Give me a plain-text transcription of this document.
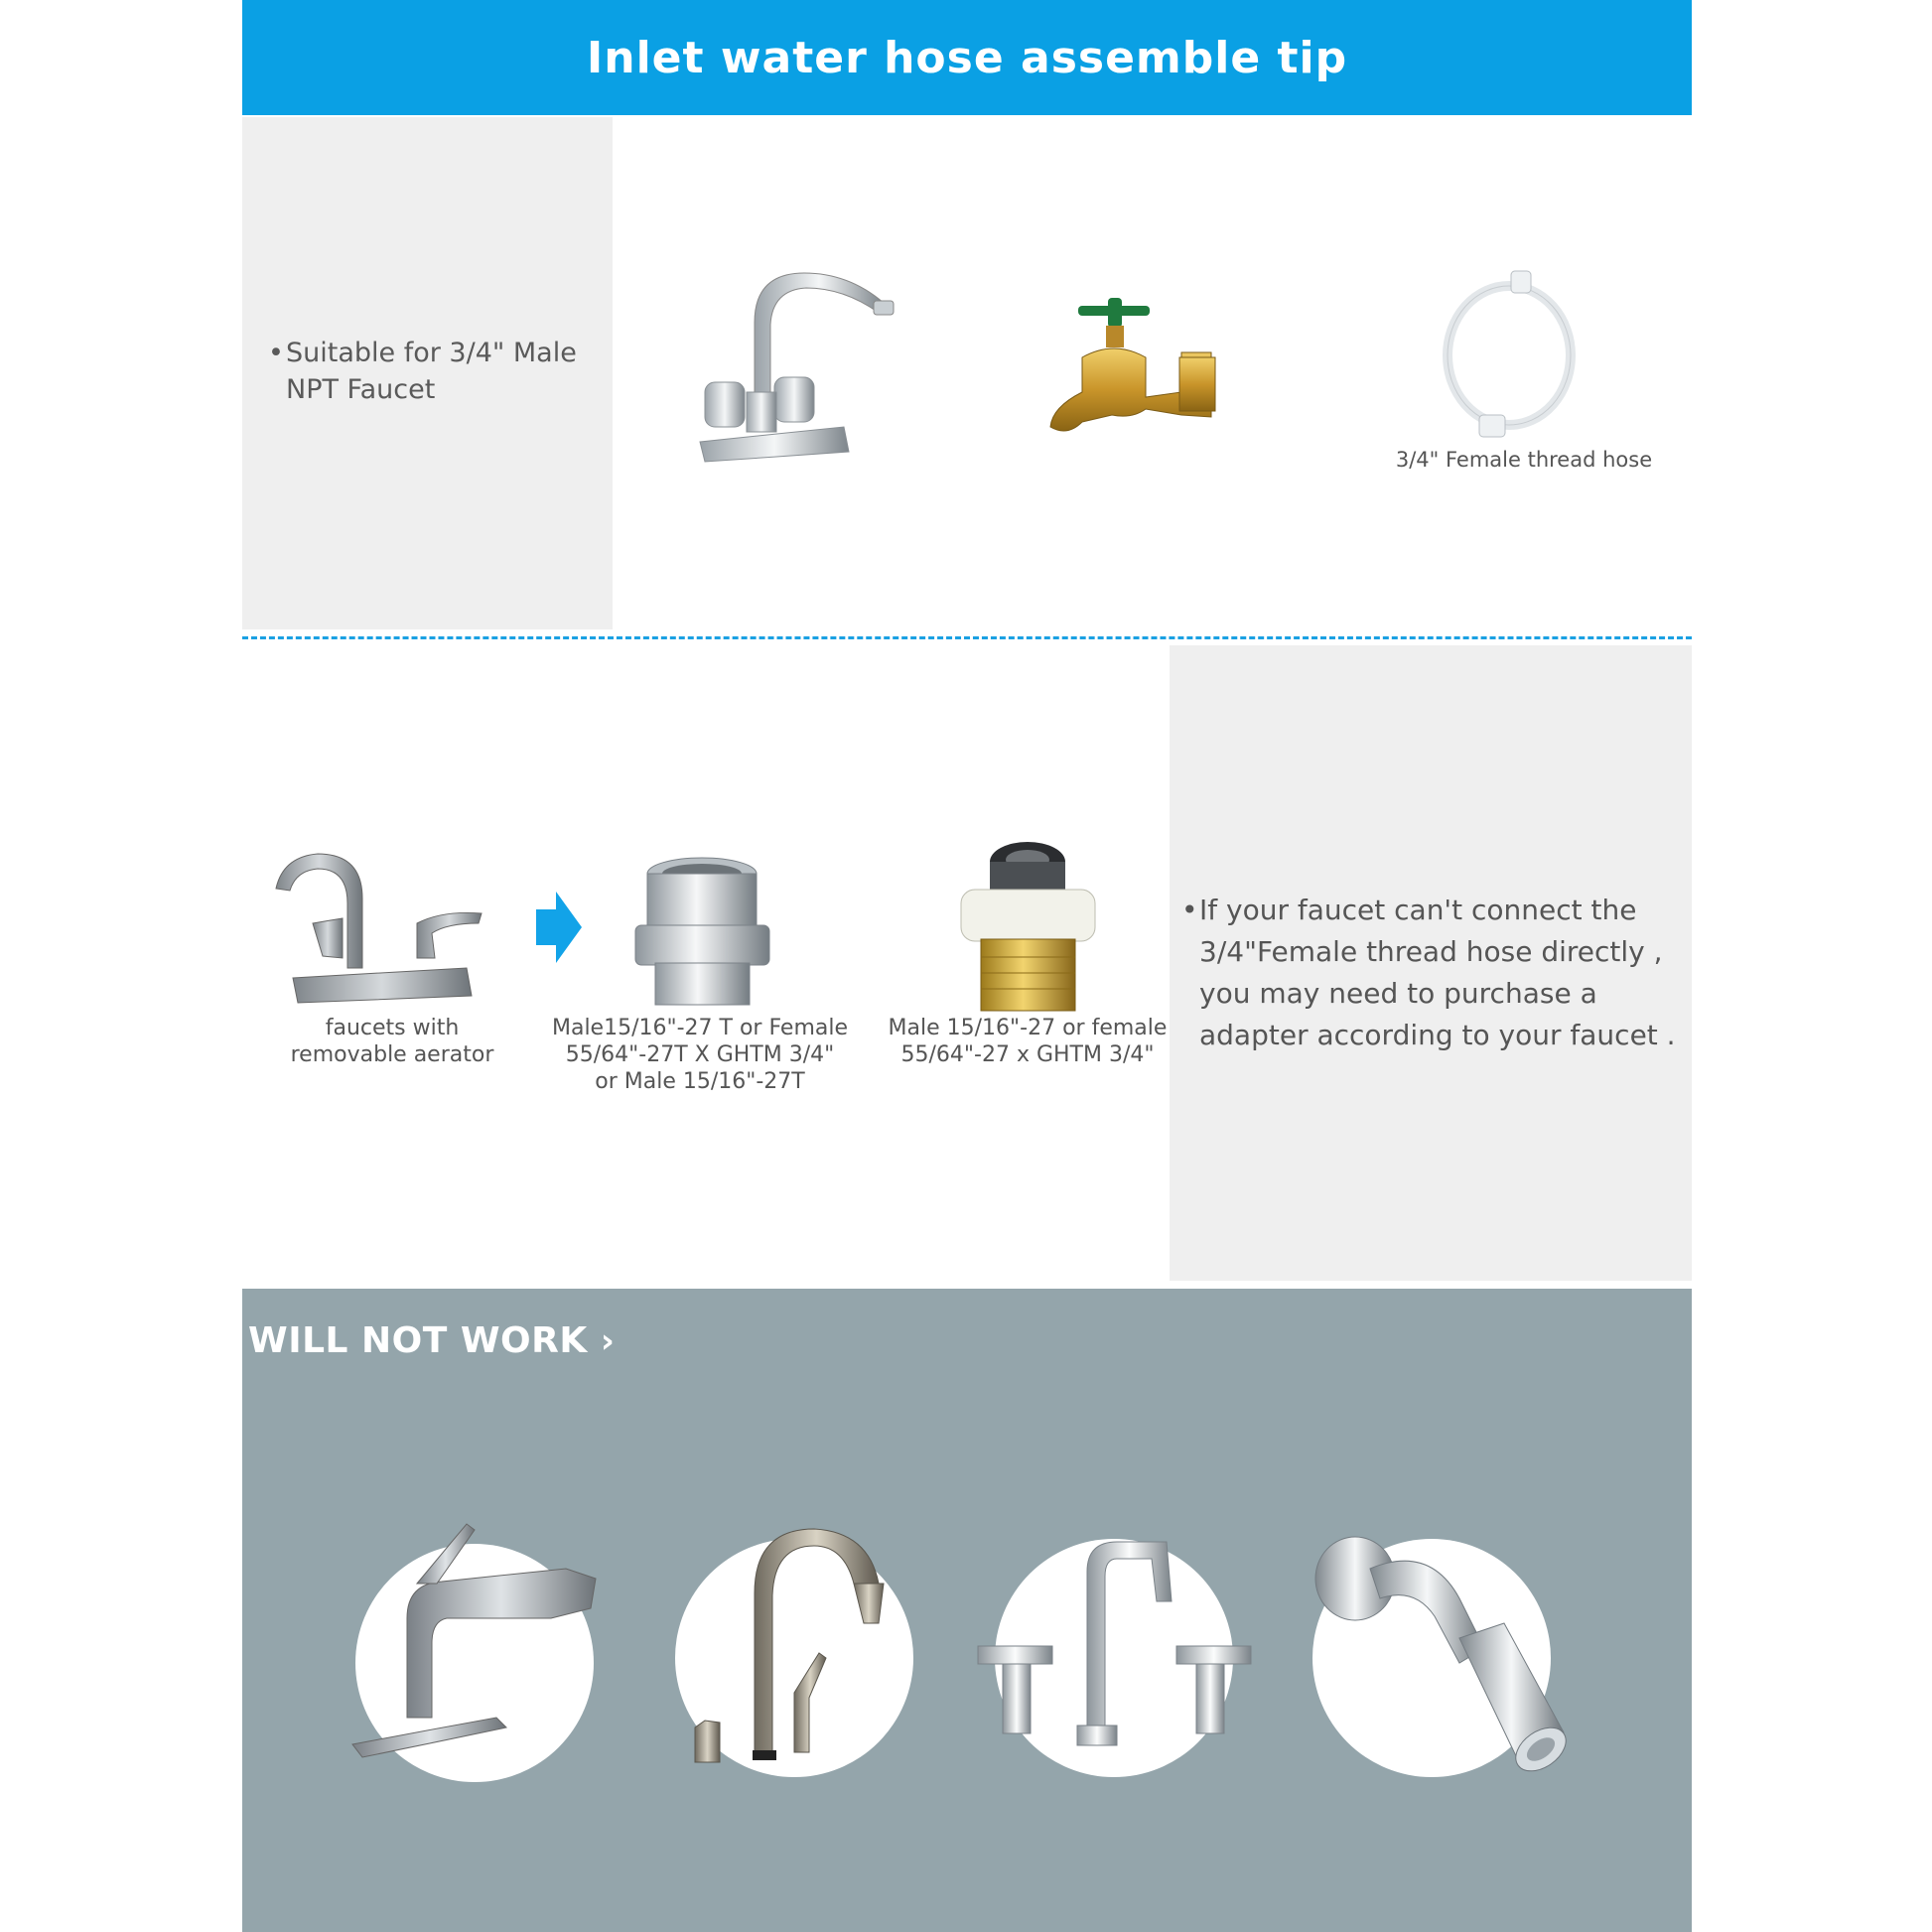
Inlet water hose assemble tip
•Suitable for 3/4" Male
NPT Faucet
3/4" Female thread hose
•If your faucet can't connect the
3/4"Female thread hose directly ,
you may need to purchase a
adapter according to your faucet .
faucets with
removable aerator
Male15/16"-27 T or Female
55/64"-27T X GHTM 3/4"
or Male 15/16"-27T
Male 15/16"-27 or female
55/64"-27 x GHTM 3/4"
WILL NOT WORK ›
